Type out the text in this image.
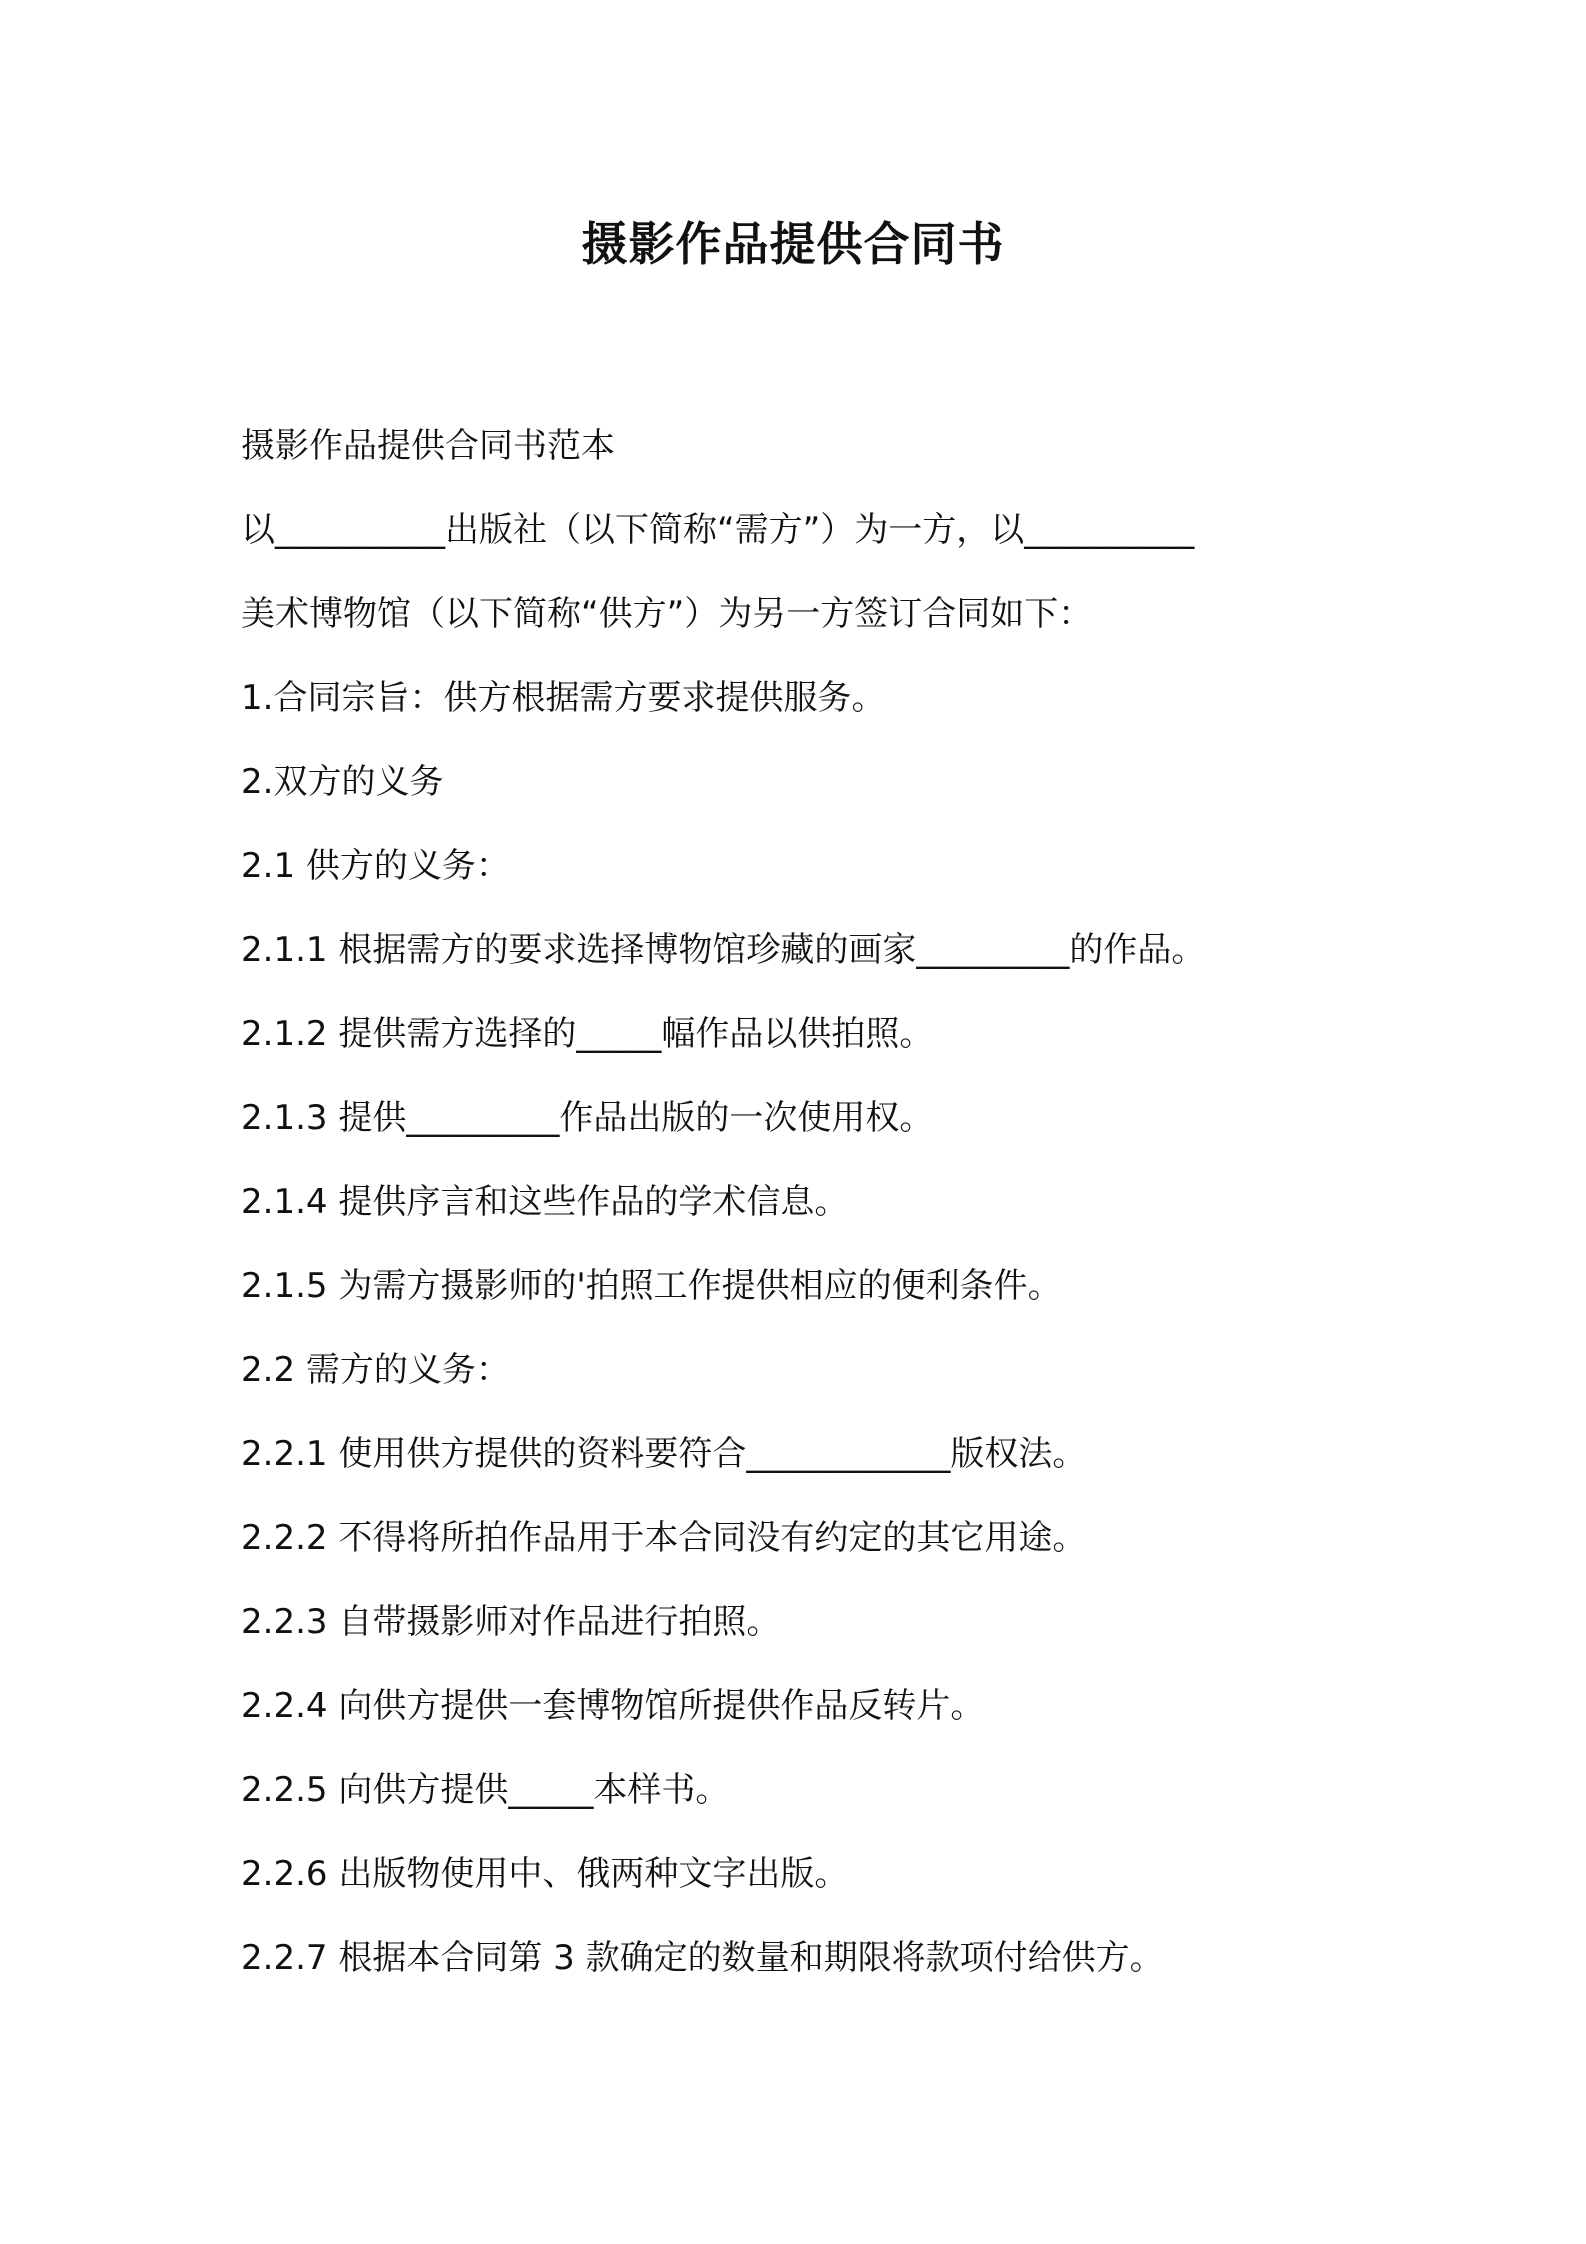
摄影作品提供合同书
摄影作品提供合同书范本
以__________出版社（以下简称“需方”）为一方，以__________
美术博物馆（以下简称“供方”）为另一方签订合同如下：
1.合同宗旨：供方根据需方要求提供服务。
2.双方的义务
2.1 供方的义务：
2.1.1 根据需方的要求选择博物馆珍藏的画家_________的作品。
2.1.2 提供需方选择的_____幅作品以供拍照。
2.1.3 提供_________作品出版的一次使用权。
2.1.4 提供序言和这些作品的学术信息。
2.1.5 为需方摄影师的'拍照工作提供相应的便利条件。
2.2 需方的义务：
2.2.1 使用供方提供的资料要符合____________版权法。
2.2.2 不得将所拍作品用于本合同没有约定的其它用途。
2.2.3 自带摄影师对作品进行拍照。
2.2.4 向供方提供一套博物馆所提供作品反转片。
2.2.5 向供方提供_____本样书。
2.2.6 出版物使用中、俄两种文字出版。
2.2.7 根据本合同第 3 款确定的数量和期限将款项付给供方。
